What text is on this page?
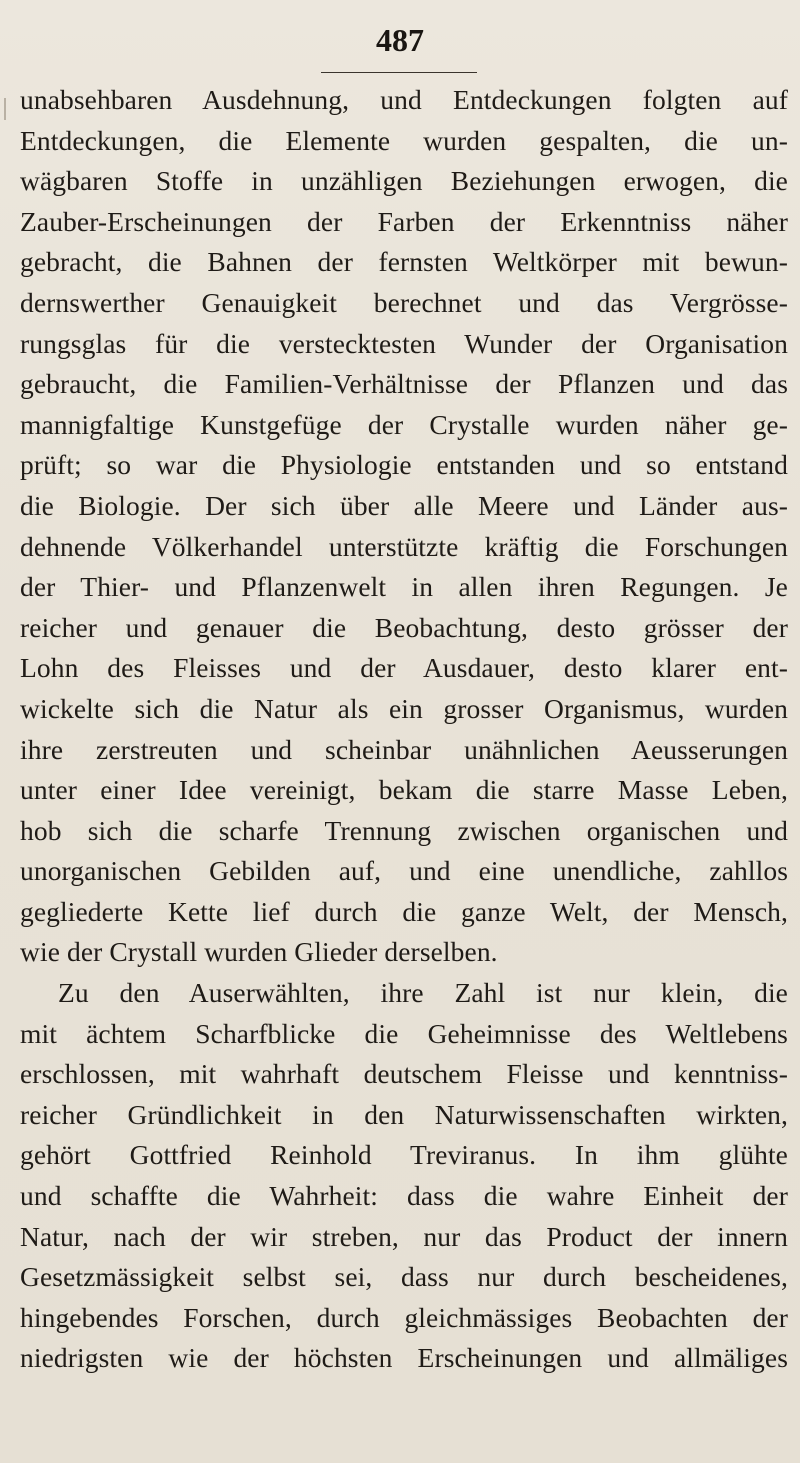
487
unabsehbaren Ausdehnung, und Entdeckungen folgten auf
Entdeckungen, die Elemente wurden gespalten, die un-
wägbaren Stoffe in unzähligen Beziehungen erwogen, die
Zauber-Erscheinungen der Farben der Erkenntniss näher
gebracht, die Bahnen der fernsten Weltkörper mit bewun-
dernswerther Genauigkeit berechnet und das Vergrösse-
rungsglas für die verstecktesten Wunder der Organisation
gebraucht, die Familien-Verhältnisse der Pflanzen und das
mannigfaltige Kunstgefüge der Crystalle wurden näher ge-
prüft; so war die Physiologie entstanden und so entstand
die Biologie. Der sich über alle Meere und Länder aus-
dehnende Völkerhandel unterstützte kräftig die Forschungen
der Thier- und Pflanzenwelt in allen ihren Regungen. Je
reicher und genauer die Beobachtung, desto grösser der
Lohn des Fleisses und der Ausdauer, desto klarer ent-
wickelte sich die Natur als ein grosser Organismus, wurden
ihre zerstreuten und scheinbar unähnlichen Aeusserungen
unter einer Idee vereinigt, bekam die starre Masse Leben,
hob sich die scharfe Trennung zwischen organischen und
unorganischen Gebilden auf, und eine unendliche, zahllos
gegliederte Kette lief durch die ganze Welt, der Mensch,
wie der Crystall wurden Glieder derselben.
Zu den Auserwählten, ihre Zahl ist nur klein, die
mit ächtem Scharfblicke die Geheimnisse des Weltlebens
erschlossen, mit wahrhaft deutschem Fleisse und kenntniss-
reicher Gründlichkeit in den Naturwissenschaften wirkten,
gehört Gottfried Reinhold Treviranus. In ihm glühte
und schaffte die Wahrheit: dass die wahre Einheit der
Natur, nach der wir streben, nur das Product der innern
Gesetzmässigkeit selbst sei, dass nur durch bescheidenes,
hingebendes Forschen, durch gleichmässiges Beobachten der
niedrigsten wie der höchsten Erscheinungen und allmäliges
